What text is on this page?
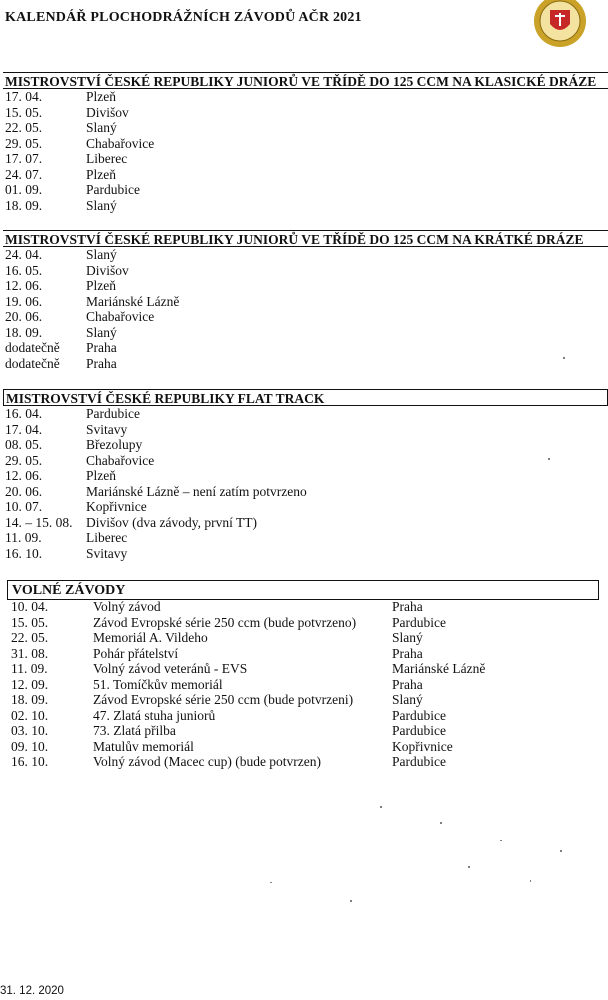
KALENDÁŘ PLOCHODRÁŽNÍCH ZÁVODŮ AČR 2021
MISTROVSTVÍ ČESKÉ REPUBLIKY JUNIORŮ VE TŘÍDĚ DO 125 CCM NA KLASICKÉ DRÁZE
17. 04.	Plzeň
15. 05.	Divišov
22. 05.	Slaný
29. 05.	Chabařovice
17. 07.	Liberec
24. 07.	Plzeň
01. 09.	Pardubice
18. 09.	Slaný
MISTROVSTVÍ ČESKÉ REPUBLIKY JUNIORŮ VE TŘÍDĚ DO 125 CCM NA KRÁTKÉ DRÁZE
24. 04.	Slaný
16. 05.	Divišov
12. 06.	Plzeň
19. 06.	Mariánské Lázně
20. 06.	Chabařovice
18. 09.	Slaný
dodatečně Praha
dodatečně Praha
MISTROVSTVÍ ČESKÉ REPUBLIKY FLAT TRACK
16. 04.	Pardubice
17. 04.	Svitavy
08. 05.	Březolupy
29. 05.	Chabařovice
12. 06.	Plzeň
20. 06.	Mariánské Lázně – není zatím potvrzeno
10. 07.	Kopřivnice
14. – 15. 08. Divišov (dva závody, první TT)
11. 09.	Liberec
16. 10.	Svitavy
VOLNÉ ZÁVODY
10. 04.	Volný závod	Praha
15. 05.	Závod Evropské série 250 ccm (bude potvrzeno)	Pardubice
22. 05.	Memoriál A. Vildeho	Slaný
31. 08.	Pohár přátelství	Praha
11. 09.	Volný závod veteránů - EVS	Mariánské Lázně
12. 09.	51. Tomíčkův memoriál	Praha
18. 09.	Závod Evropské série 250 ccm (bude potvrzeni)	Slaný
02. 10.	47. Zlatá stuha juniorů	Pardubice
03. 10.	73. Zlatá přilba	Pardubice
09. 10.	Matulův memoriál	Kopřivnice
16. 10.	Volný závod (Macec cup) (bude potvrzen)	Pardubice
31. 12. 2020
